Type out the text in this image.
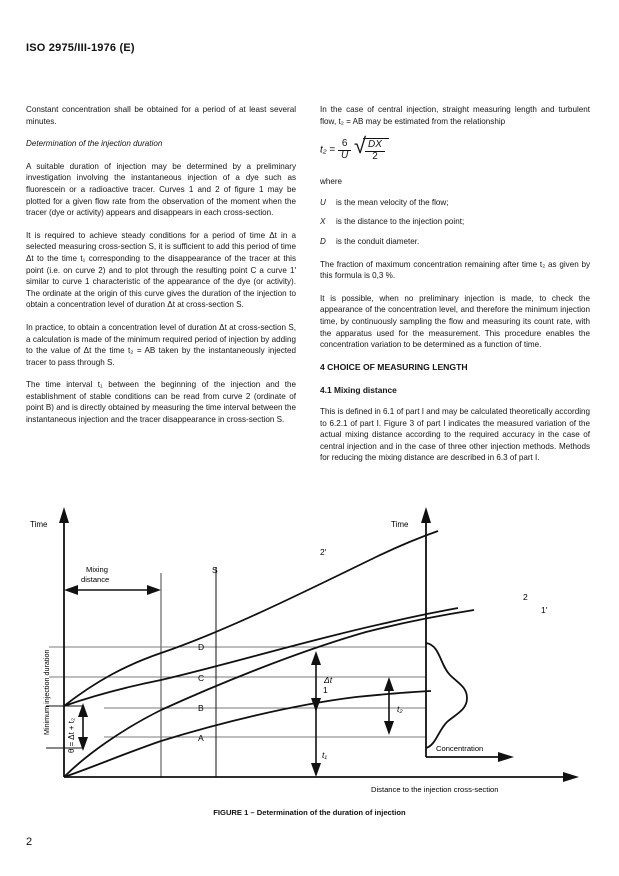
ISO 2975/III-1976 (E)

Constant concentration shall be obtained for a period of at least several minutes.

Determination of the injection duration

A suitable duration of injection may be determined by a preliminary investigation involving the instantaneous injection of a dye such as fluorescein or a radioactive tracer. Curves 1 and 2 of figure 1 may be plotted for a given flow rate from the observation of the moment when the tracer (dye or activity) appears and disappears in each cross-section.

It is required to achieve steady conditions for a period of time Δt in a selected measuring cross-section S, it is sufficient to add this period of time Δt to the time t₁ corresponding to the disappearance of the tracer at this point (i.e. on curve 2) and to plot through the resulting point C a curve 1' similar to curve 1 characteristic of the appearance of the dye (or activity). The ordinate at the origin of this curve gives the duration of the injection to obtain a concentration level of duration Δt at cross-section S.

In practice, to obtain a concentration level of duration Δt at cross-section S, a calculation is made of the minimum required period of injection by adding to the value of Δt the time t₂ = AB taken by the instantaneously injected tracer to pass through S.

The time interval t₁ between the beginning of the injection and the establishment of stable conditions can be read from curve 2 (ordinate of point B) and is directly obtained by measuring the time interval between the instantaneous injection and the tracer disappearance in cross-section S.

In the case of central injection, straight measuring length and turbulent flow, t₂ = AB may be estimated from the relationship

$t_2 = \frac{6}{U}$
√
$\frac{DX}{2}$

where

U	is the mean velocity of the flow;
X	is the distance to the injection point;
D	is the conduit diameter.

The fraction of maximum concentration remaining after time t₂ as given by this formula is 0,3 %.

It is possible, when no preliminary injection is made, to check the appearance of the concentration level, and therefore the minimum injection time, by continuously sampling the flow and measuring its count rate, with the apparatus used for the measurement. This procedure enables the concentration variation to be determined as a function of time.

4 CHOICE OF MEASURING LENGTH

4.1 Mixing distance

This is defined in 6.1 of part I and may be calculated theoretically according to 6.2.1 of part I. Figure 3 of part I indicates the measured variation of the actual mixing distance according to the required accuracy in the case of central injection and in the case of three other injection methods. Methods for reducing the mixing distance are described in 6.3 of part I.

Time	Time
Mixing
distance
S
D
C
B
A
Δt
t₁
t₂
1
2′
2
1′
Concentration
Distance to the injection cross-section
Minimum injection duration
θ = Δt + t₂
FIGURE 1 – Determination of the duration of injection
2
